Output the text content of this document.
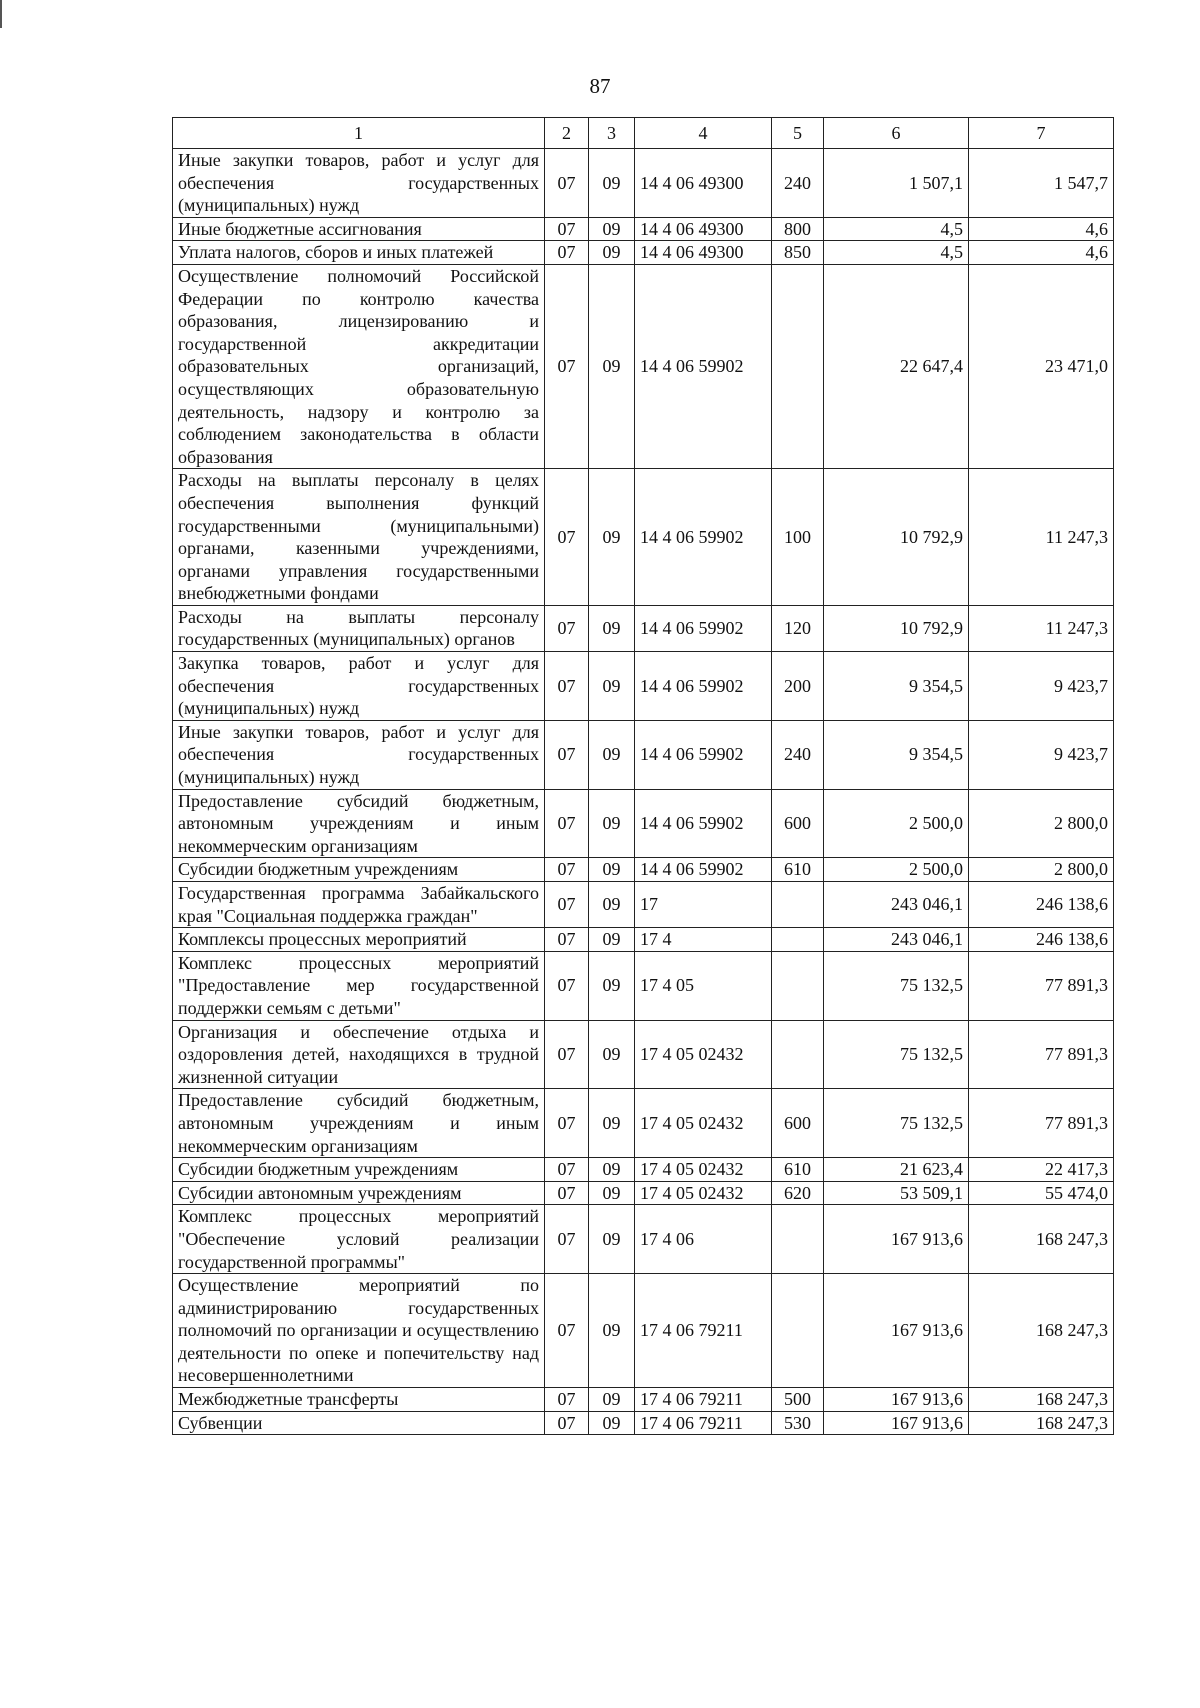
87
1	2	3	4	5	6	7
Иные закупки товаров, работ и услуг для обеспечения государственных (муниципальных) нужд	07	09	14 4 06 49300	240	1 507,1	1 547,7
Иные бюджетные ассигнования	07	09	14 4 06 49300	800	4,5	4,6
Уплата налогов, сборов и иных платежей	07	09	14 4 06 49300	850	4,5	4,6
Осуществление полномочий Российской Федерации по контролю качества образования, лицензированию и государственной аккредитации образовательных организаций, осуществляющих образовательную деятельность, надзору и контролю за соблюдением законодательства в области образования	07	09	14 4 06 59902		22 647,4	23 471,0
Расходы на выплаты персоналу в целях обеспечения выполнения функций государственными (муниципальными) органами, казенными учреждениями, органами управления государственными внебюджетными фондами	07	09	14 4 06 59902	100	10 792,9	11 247,3
Расходы на выплаты персоналу государственных (муниципальных) органов	07	09	14 4 06 59902	120	10 792,9	11 247,3
Закупка товаров, работ и услуг для обеспечения государственных (муниципальных) нужд	07	09	14 4 06 59902	200	9 354,5	9 423,7
Иные закупки товаров, работ и услуг для обеспечения государственных (муниципальных) нужд	07	09	14 4 06 59902	240	9 354,5	9 423,7
Предоставление субсидий бюджетным, автономным учреждениям и иным некоммерческим организациям	07	09	14 4 06 59902	600	2 500,0	2 800,0
Субсидии бюджетным учреждениям	07	09	14 4 06 59902	610	2 500,0	2 800,0
Государственная программа Забайкальского края "Социальная поддержка граждан"	07	09	17		243 046,1	246 138,6
Комплексы процессных мероприятий	07	09	17 4		243 046,1	246 138,6
Комплекс процессных мероприятий "Предоставление мер государственной поддержки семьям с детьми"	07	09	17 4 05		75 132,5	77 891,3
Организация и обеспечение отдыха и оздоровления детей, находящихся в трудной жизненной ситуации	07	09	17 4 05 02432		75 132,5	77 891,3
Предоставление субсидий бюджетным, автономным учреждениям и иным некоммерческим организациям	07	09	17 4 05 02432	600	75 132,5	77 891,3
Субсидии бюджетным учреждениям	07	09	17 4 05 02432	610	21 623,4	22 417,3
Субсидии автономным учреждениям	07	09	17 4 05 02432	620	53 509,1	55 474,0
Комплекс процессных мероприятий "Обеспечение условий реализации государственной программы"	07	09	17 4 06		167 913,6	168 247,3
Осуществление мероприятий по администрированию государственных полномочий по организации и осуществлению деятельности по опеке и попечительству над несовершеннолетними	07	09	17 4 06 79211		167 913,6	168 247,3
Межбюджетные трансферты	07	09	17 4 06 79211	500	167 913,6	168 247,3
Субвенции	07	09	17 4 06 79211	530	167 913,6	168 247,3
